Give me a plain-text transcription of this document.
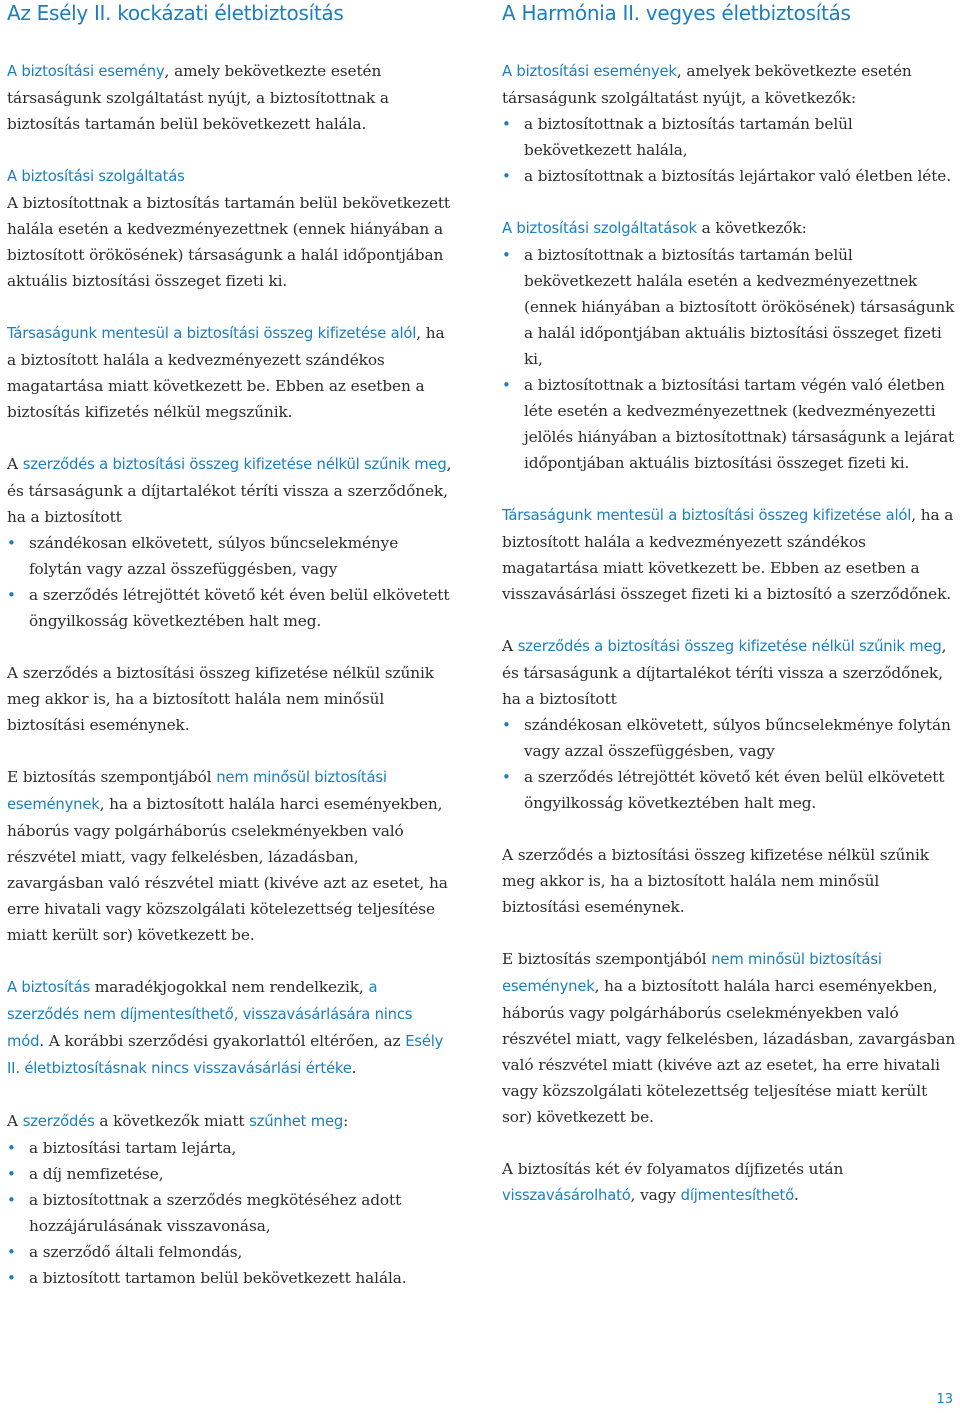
Az Esély II. kockázati életbiztosítás

A biztosítási esemény, amely bekövetkezte esetén társaságunk szolgáltatást nyújt, a biztosítottnak a biztosítás tartamán belül bekövetkezett halála.

A biztosítási szolgáltatás
A biztosítottnak a biztosítás tartamán belül bekövetkezett halála esetén a kedvezményezettnek (ennek hiányában a biztosított örökösének) társaságunk a halál időpontjában aktuális biztosítási összeget fizeti ki.

Társaságunk mentesül a biztosítási összeg kifizetése alól, ha a biztosított halála a kedvezményezett szándékos magatartása miatt következett be. Ebben az esetben a biztosítás kifizetés nélkül megszűnik.

A szerződés a biztosítási összeg kifizetése nélkül szűnik meg, és társaságunk a díjtartalékot téríti vissza a szerződőnek, ha a biztosított

• szándékosan elkövetett, súlyos bűncselekménye folytán vagy azzal összefüggésben, vagy
• a szerződés létrejöttét követő két éven belül elkövetett öngyilkosság következtében halt meg.

A szerződés a biztosítási összeg kifizetése nélkül szűnik meg akkor is, ha a biztosított halála nem minősül biztosítási eseménynek.

E biztosítás szempontjából nem minősül biztosítási eseménynek, ha a biztosított halála harci eseményekben, háborús vagy polgárháborús cselekményekben való részvétel miatt, vagy felkelésben, lázadásban, zavargásban való részvétel miatt (kivéve azt az esetet, ha erre hivatali vagy közszolgálati kötelezettség teljesítése miatt került sor) következett be.

A biztosítás maradékjogokkal nem rendelkezik, a szerződés nem díjmentesíthető, visszavásárlására nincs mód. A korábbi szerződési gyakorlattól eltérően, az Esély II. életbiztosításnak nincs visszavásárlási értéke.

A szerződés a következők miatt szűnhet meg:

• a biztosítási tartam lejárta,
• a díj nemfizetése,
• a biztosítottnak a szerződés megkötéséhez adott hozzájárulásának visszavonása,
• a szerződő általi felmondás,
• a biztosított tartamon belül bekövetkezett halála.
A Harmónia II. vegyes életbiztosítás

A biztosítási események, amelyek bekövetkezte esetén társaságunk szolgáltatást nyújt, a következők:

• a biztosítottnak a biztosítás tartamán belül bekövetkezett halála,
• a biztosítottnak a biztosítás lejártakor való életben léte.

A biztosítási szolgáltatások a következők:

• a biztosítottnak a biztosítás tartamán belül bekövetkezett halála esetén a kedvezményezettnek (ennek hiányában a biztosított örökösének) társaságunk a halál időpontjában aktuális biztosítási összeget fizeti ki,
• a biztosítottnak a biztosítási tartam végén való életben léte esetén a kedvezményezettnek (kedvezményezetti jelölés hiányában a biztosítottnak) társaságunk a lejárat időpontjában aktuális biztosítási összeget fizeti ki.

Társaságunk mentesül a biztosítási összeg kifizetése alól, ha a biztosított halála a kedvezményezett szándékos magatartása miatt következett be. Ebben az esetben a visszavásárlási összeget fizeti ki a biztosító a szerződőnek.

A szerződés a biztosítási összeg kifizetése nélkül szűnik meg, és társaságunk a díjtartalékot téríti vissza a szerződőnek, ha a biztosított

• szándékosan elkövetett, súlyos bűncselekménye folytán vagy azzal összefüggésben, vagy
• a szerződés létrejöttét követő két éven belül elkövetett öngyilkosság következtében halt meg.

A szerződés a biztosítási összeg kifizetése nélkül szűnik meg akkor is, ha a biztosított halála nem minősül biztosítási eseménynek.

E biztosítás szempontjából nem minősül biztosítási eseménynek, ha a biztosított halála harci eseményekben, háborús vagy polgárháborús cselekményekben való részvétel miatt, vagy felkelésben, lázadásban, zavargásban való részvétel miatt (kivéve azt az esetet, ha erre hivatali vagy közszolgálati kötelezettség teljesítése miatt került sor) következett be.

A biztosítás két év folyamatos díjfizetés után visszavásárolható, vagy díjmentesíthető.

13
